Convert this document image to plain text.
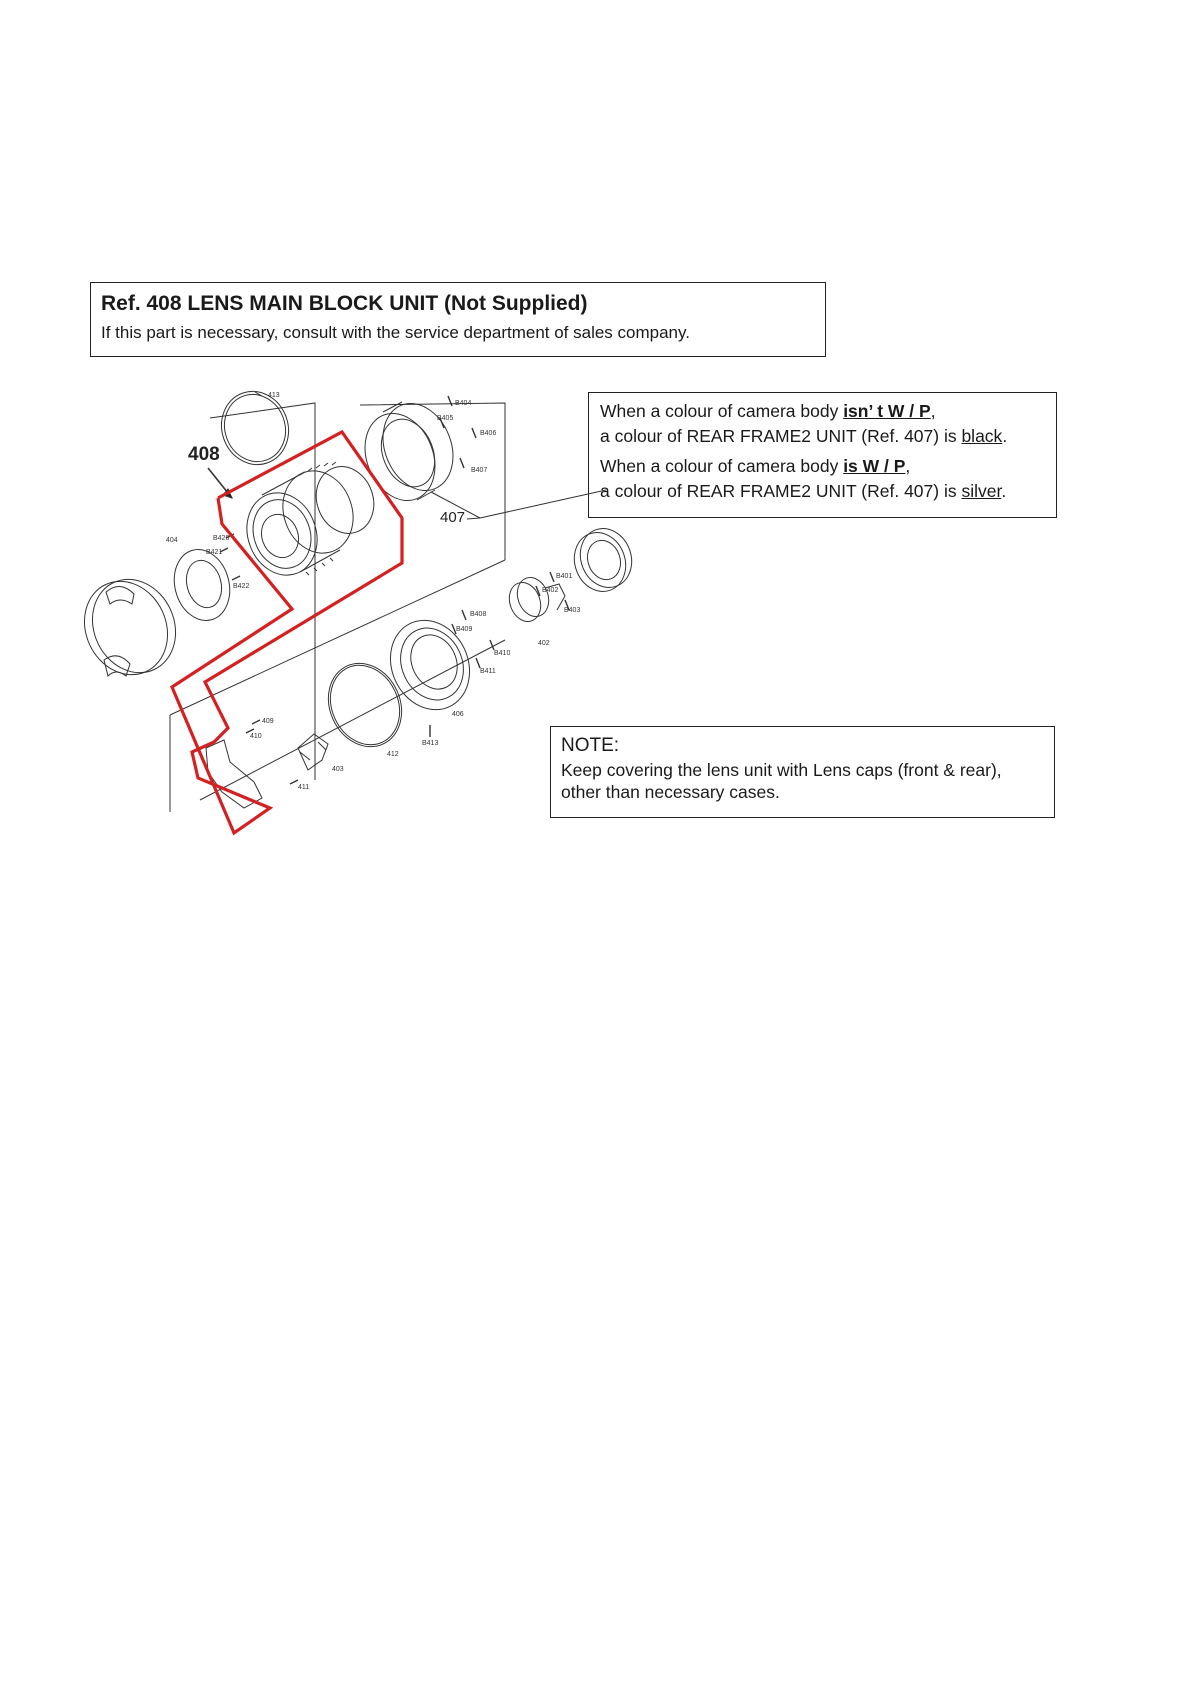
Ref. 408 LENS MAIN BLOCK UNIT (Not Supplied)
If this part is necessary, consult with the service department of sales company.
When a colour of camera body isn’ t W / P,
a colour of REAR FRAME2 UNIT (Ref. 407) is black.
When a colour of camera body is W / P,
a colour of REAR FRAME2 UNIT (Ref. 407) is silver.
NOTE:
Keep covering the lens unit with Lens caps (front & rear),
other than necessary cases.
408
407
413
404
412
406
402
403
409
410
411
B404
B405
B406
B407
B420
B421
B422
B401
B402
B403
B408
B409
B410
B411
B413
